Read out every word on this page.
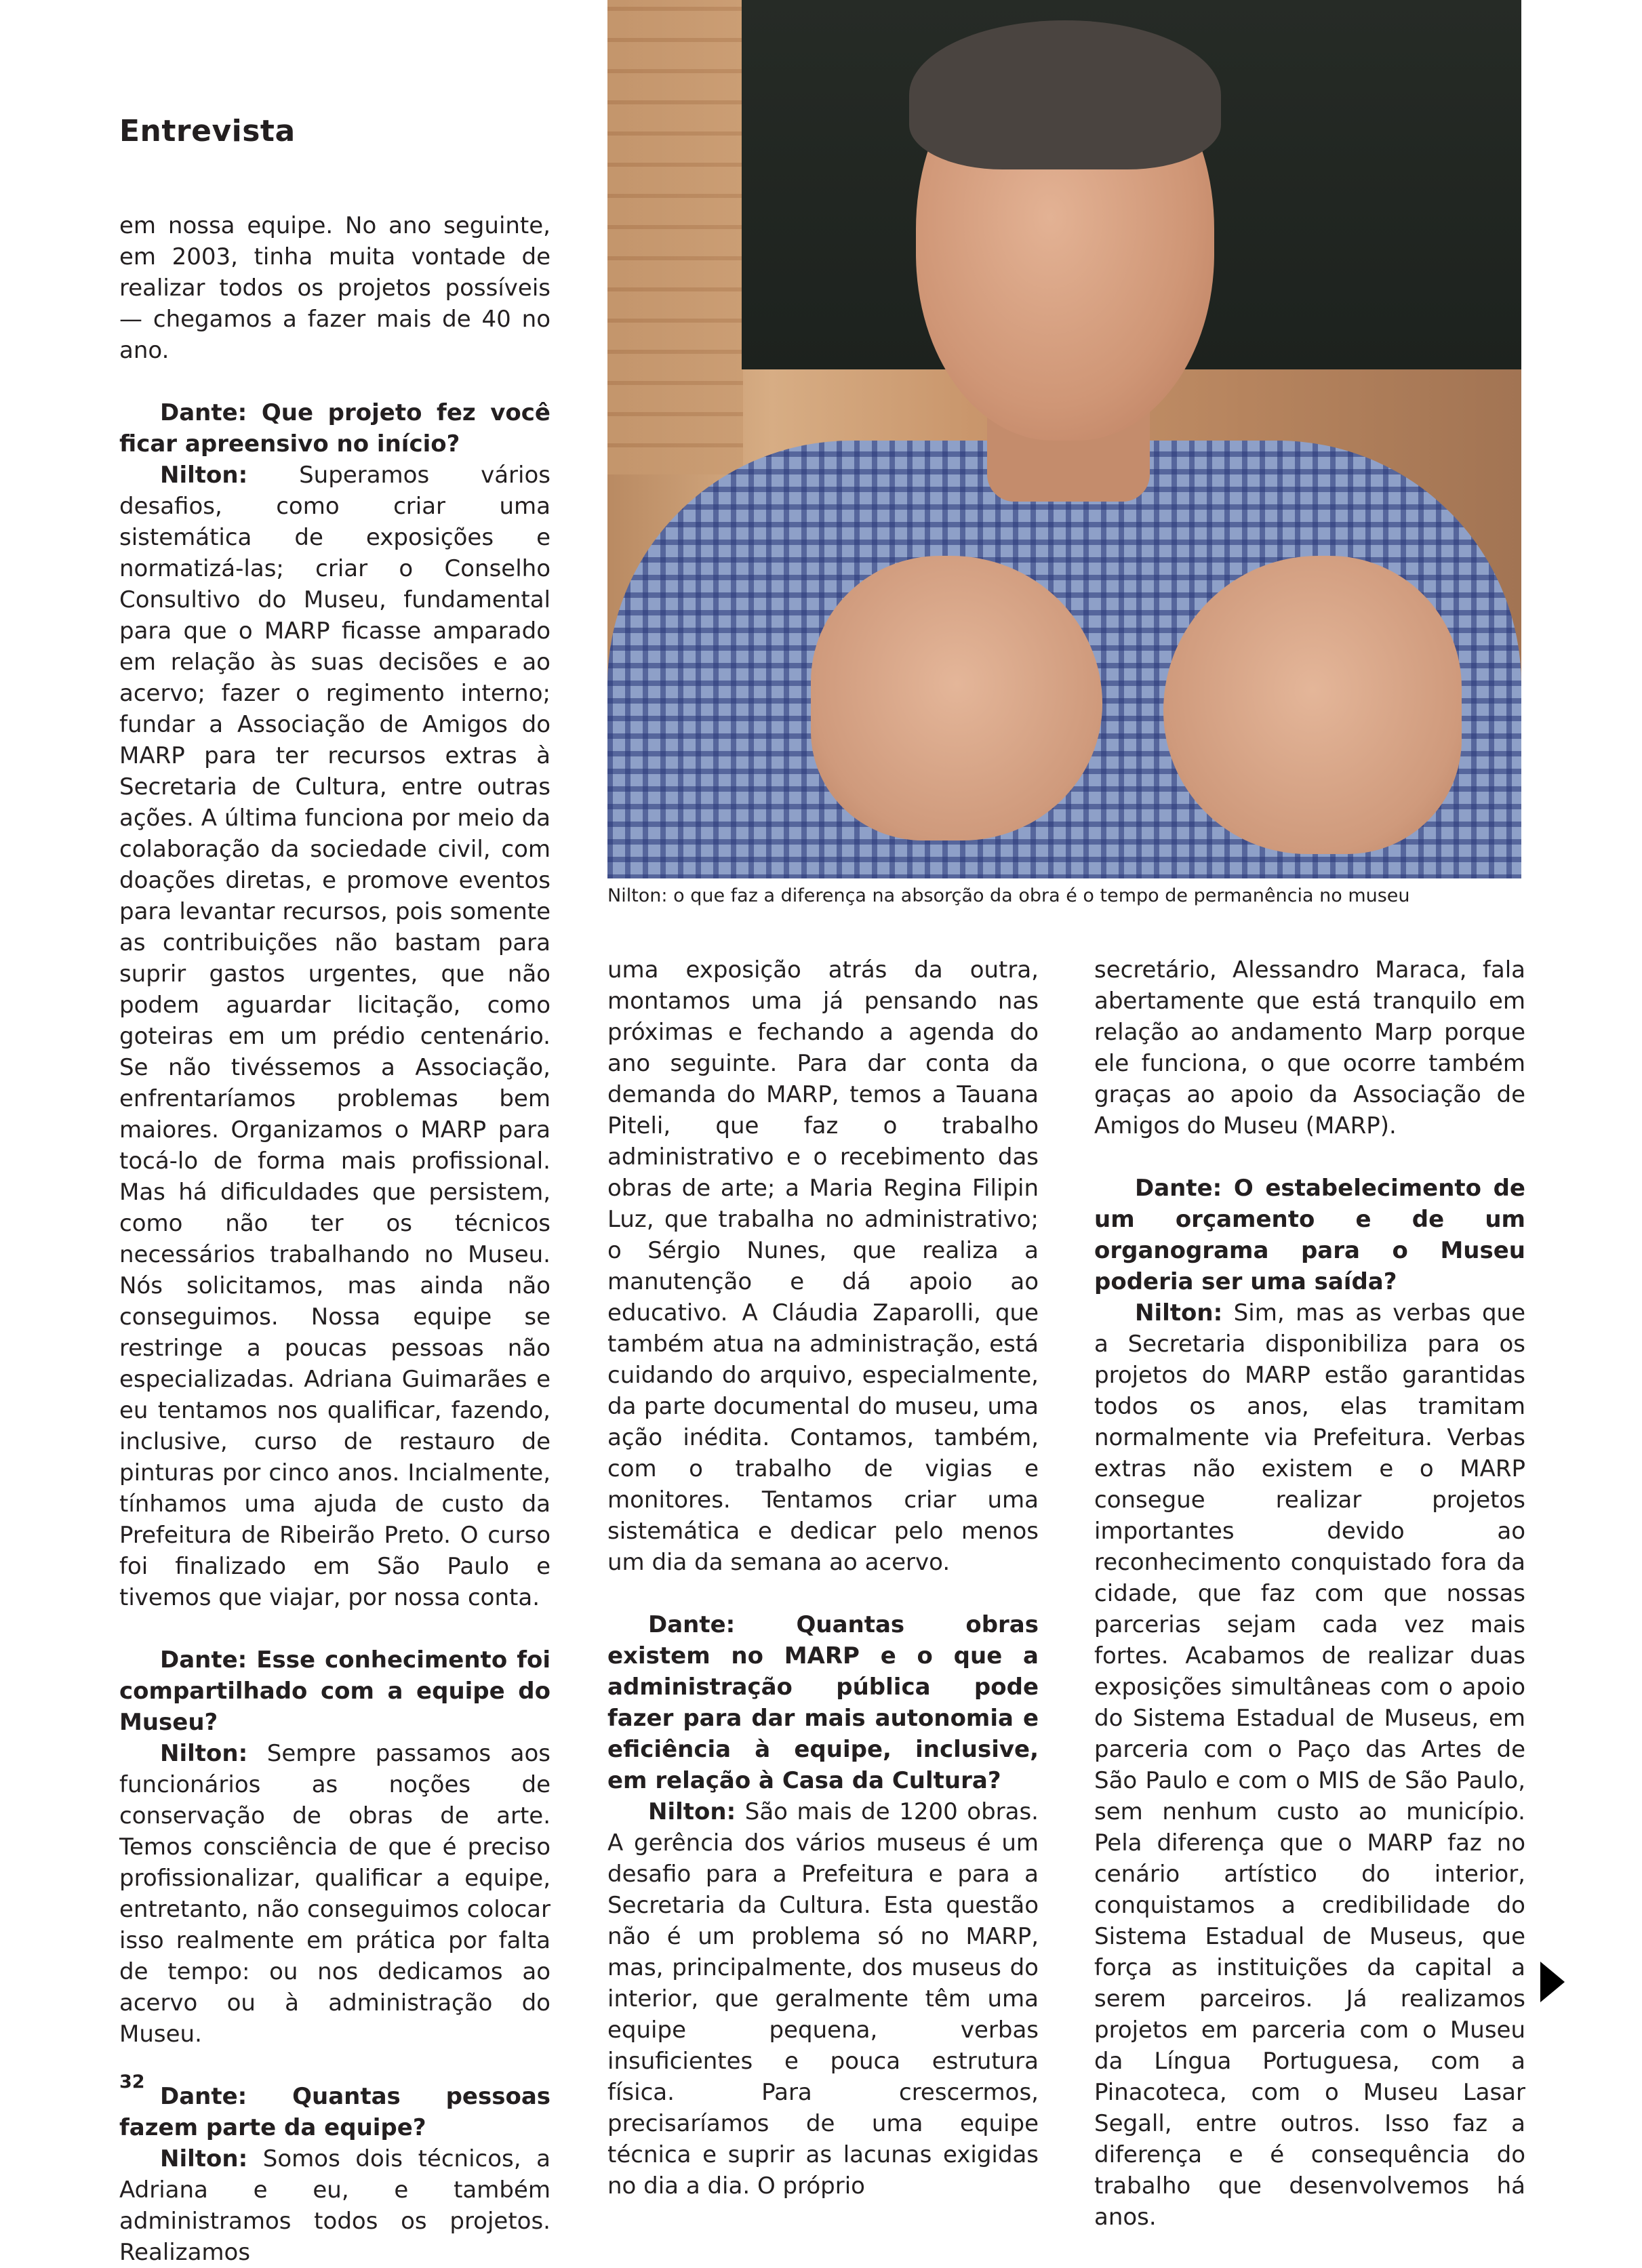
Entrevista

Nilton: o que faz a diferença na absorção da obra é o tempo de permanência no museu

em nossa equipe. No ano seguinte, em 2003, tinha muita vontade de realizar todos os projetos possíveis — chegamos a fazer mais de 40 no ano.

Dante: Que projeto fez você ficar apreensivo no início?

Nilton: Superamos vários desafios, como criar uma sistemática de exposições e normatizá-las; criar o Conselho Consultivo do Museu, fundamental para que o MARP ficasse amparado em relação às suas decisões e ao acervo; fazer o regimento interno; fundar a Associação de Amigos do MARP para ter recursos extras à Secretaria de Cultura, entre outras ações. A última funciona por meio da colaboração da sociedade civil, com doações diretas, e promove eventos para levantar recursos, pois somente as contribuições não bastam para suprir gastos urgentes, que não podem aguardar licitação, como goteiras em um prédio centenário. Se não tivéssemos a Associação, enfrentaríamos problemas bem maiores. Organizamos o MARP para tocá-lo de forma mais profissional. Mas há dificuldades que persistem, como não ter os técnicos necessários trabalhando no Museu. Nós solicitamos, mas ainda não conseguimos. Nossa equipe se restringe a poucas pessoas não especializadas. Adriana Guimarães e eu tentamos nos qualificar, fazendo, inclusive, curso de restauro de pinturas por cinco anos. Incialmente, tínhamos uma ajuda de custo da Prefeitura de Ribeirão Preto. O curso foi finalizado em São Paulo e tivemos que viajar, por nossa conta.

Dante: Esse conhecimento foi compartilhado com a equipe do Museu?

Nilton: Sempre passamos aos funcionários as noções de conservação de obras de arte. Temos consciência de que é preciso profissionalizar, qualificar a equipe, entretanto, não conseguimos colocar isso realmente em prática por falta de tempo: ou nos dedicamos ao acervo ou à administração do Museu.

Dante: Quantas pessoas fazem parte da equipe?

Nilton: Somos dois técnicos, a Adriana e eu, e também administramos todos os projetos. Realizamos

uma exposição atrás da outra, montamos uma já pensando nas próximas e fechando a agenda do ano seguinte. Para dar conta da demanda do MARP, temos a Tauana Piteli, que faz o trabalho administrativo e o recebimento das obras de arte; a Maria Regina Filipin Luz, que trabalha no administrativo; o Sérgio Nunes, que realiza a manutenção e dá apoio ao educativo. A Cláudia Zaparolli, que também atua na administração, está cuidando do arquivo, especialmente, da parte documental do museu, uma ação inédita. Contamos, também, com o trabalho de vigias e monitores. Tentamos criar uma sistemática e dedicar pelo menos um dia da semana ao acervo.

Dante: Quantas obras existem no MARP e o que a administração pública pode fazer para dar mais autonomia e eficiência à equipe, inclusive, em relação à Casa da Cultura?

Nilton: São mais de 1200 obras. A gerência dos vários museus é um desafio para a Prefeitura e para a Secretaria da Cultura. Esta questão não é um problema só no MARP, mas, principalmente, dos museus do interior, que geralmente têm uma equipe pequena, verbas insuficientes e pouca estrutura física. Para crescermos, precisaríamos de uma equipe técnica e suprir as lacunas exigidas no dia a dia. O próprio

secretário, Alessandro Maraca, fala abertamente que está tranquilo em relação ao andamento Marp porque ele funciona, o que ocorre também graças ao apoio da Associação de Amigos do Museu (MARP).

Dante: O estabelecimento de um orçamento e de um organograma para o Museu poderia ser uma saída?

Nilton: Sim, mas as verbas que a Secretaria disponibiliza para os projetos do MARP estão garantidas todos os anos, elas tramitam normalmente via Prefeitura. Verbas extras não existem e o MARP consegue realizar projetos importantes devido ao reconhecimento conquistado fora da cidade, que faz com que nossas parcerias sejam cada vez mais fortes. Acabamos de realizar duas exposições simultâneas com o apoio do Sistema Estadual de Museus, em parceria com o Paço das Artes de São Paulo e com o MIS de São Paulo, sem nenhum custo ao município. Pela diferença que o MARP faz no cenário artístico do interior, conquistamos a credibilidade do Sistema Estadual de Museus, que força as instituições da capital a serem parceiros. Já realizamos projetos em parceria com o Museu da Língua Portuguesa, com a Pinacoteca, com o Museu Lasar Segall, entre outros. Isso faz a diferença e é consequência do trabalho que desenvolvemos há anos.

32
